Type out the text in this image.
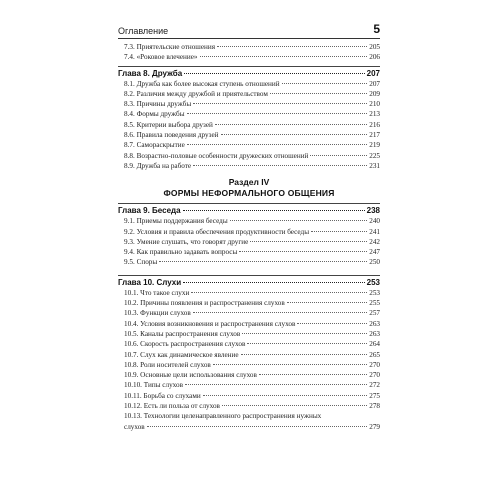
Оглавление	5
7.3. Приятельские отношения	205
7.4. «Роковое влечение»	206
Глава 8. Дружба	207
8.1. Дружба как более высокая ступень отношений	207
8.2. Различия между дружбой и приятельством	209
8.3. Причины дружбы	210
8.4. Формы дружбы	213
8.5. Критерии выбора друзей	216
8.6. Правила поведения друзей	217
8.7. Самораскрытие	219
8.8. Возрастно-половые особенности дружеских отношений	225
8.9. Дружба на работе	231
Раздел IV
ФОРМЫ НЕФОРМАЛЬНОГО ОБЩЕНИЯ
Глава 9. Беседа	238
9.1. Приемы поддержания беседы	240
9.2. Условия и правила обеспечения продуктивности беседы	241
9.3. Умение слушать, что говорят другие	242
9.4. Как правильно задавать вопросы	247
9.5. Споры	250
Глава 10. Слухи	253
10.1. Что такое слухи	253
10.2. Причины появления и распространения слухов	255
10.3. Функции слухов	257
10.4. Условия возникновения и распространения слухов	263
10.5. Каналы распространения слухов	263
10.6. Скорость распространения слухов	264
10.7. Слух как динамическое явление	265
10.8. Роли носителей слухов	270
10.9. Основные цели использования слухов	270
10.10. Типы слухов	272
10.11. Борьба со слухами	275
10.12. Есть ли польза от слухов	278
10.13. Технологии целенаправленного распространения нужных
слухов	279
